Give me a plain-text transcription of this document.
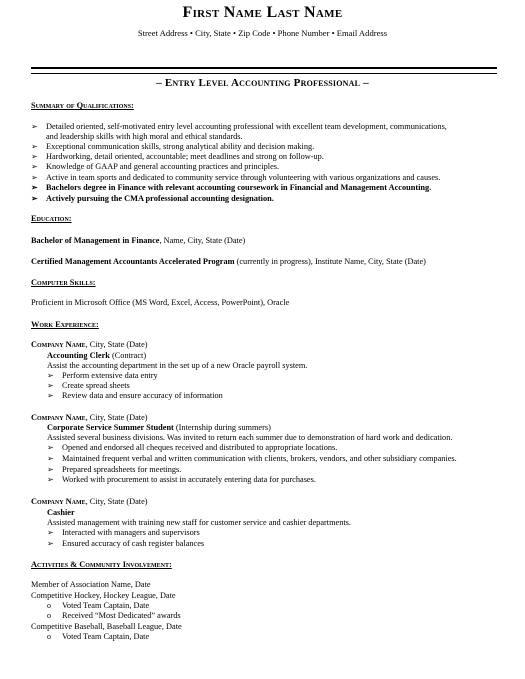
First Name Last Name
Street Address • City, State • Zip Code • Phone Number • Email Address
– Entry Level Accounting Professional –
Summary of Qualifications:
➢ Detailed oriented, self-motivated entry level accounting professional with excellent team development, communications,
and leadership skills with high moral and ethical standards.
➢ Exceptional communication skills, strong analytical ability and decision making.
➢ Hardworking, detail oriented, accountable; meet deadlines and strong on follow-up.
➢ Knowledge of GAAP and general accounting practices and principles.
➢ Active in team sports and dedicated to community service through volunteering with various organizations and causes.
➢ Bachelors degree in Finance with relevant accounting coursework in Financial and Management Accounting.
➢ Actively pursuing the CMA professional accounting designation.
Education:
Bachelor of Management in Finance, Name, City, State (Date)
Certified Management Accountants Accelerated Program (currently in progress), Institute Name, City, State (Date)
Computer Skills:
Proficient in Microsoft Office (MS Word, Excel, Access, PowerPoint), Oracle
Work Experience:
Company Name, City, State (Date)
Accounting Clerk (Contract)
Assist the accounting department in the set up of a new Oracle payroll system.
➢ Perform extensive data entry
➢ Create spread sheets
➢ Review data and ensure accuracy of information
Company Name, City, State (Date)
Corporate Service Summer Student (Internship during summers)
Assisted several business divisions. Was invited to return each summer due to demonstration of hard work and dedication.
➢ Opened and endorsed all cheques received and distributed to appropriate locations.
➢ Maintained frequent verbal and written communication with clients, brokers, vendors, and other subsidiary companies.
➢ Prepared spreadsheets for meetings.
➢ Worked with procurement to assist in accurately entering data for purchases.
Company Name, City, State (Date)
Cashier
Assisted management with training new staff for customer service and cashier departments.
➢ Interacted with managers and supervisors
➢ Ensured accuracy of cash register balances
Activities & Community Involvement:
Member of Association Name, Date
Competitive Hockey, Hockey League, Date
o Voted Team Captain, Date
o Received “Most Dedicated” awards
Competitive Baseball, Baseball League, Date
o Voted Team Captain, Date
